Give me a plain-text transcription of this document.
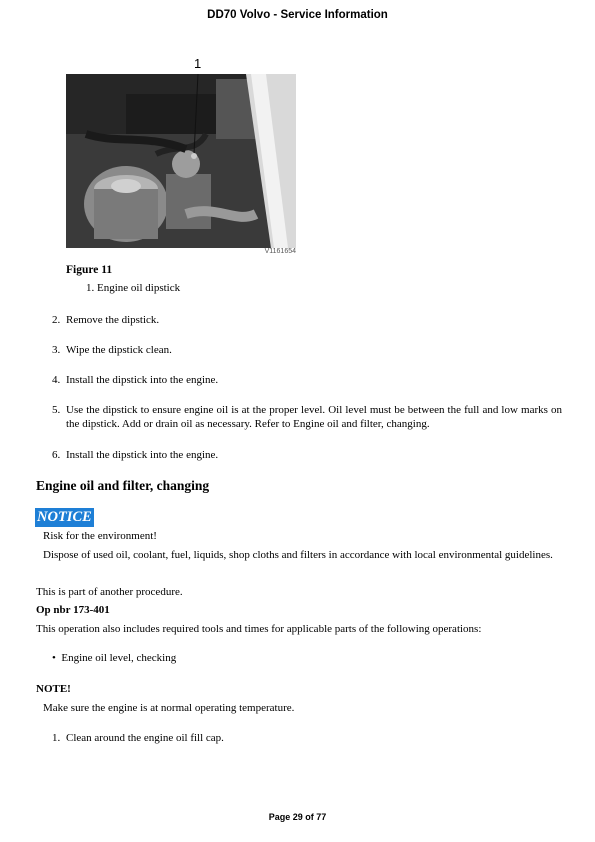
DD70 Volvo - Service Information
1
V1161654
Figure 11
1. Engine oil dipstick
2. Remove the dipstick.
3. Wipe the dipstick clean.
4. Install the dipstick into the engine.
5. Use the dipstick to ensure engine oil is at the proper level. Oil level must be between the full and low marks on the dipstick. Add or drain oil as necessary. Refer to Engine oil and filter, changing.
6. Install the dipstick into the engine.
Engine oil and filter, changing
NOTICE
Risk for the environment!
Dispose of used oil, coolant, fuel, liquids, shop cloths and filters in accordance with local environmental guidelines.
This is part of another procedure.
Op nbr 173-401
This operation also includes required tools and times for applicable parts of the following operations:
•  Engine oil level, checking
NOTE!
Make sure the engine is at normal operating temperature.
1. Clean around the engine oil fill cap.
Page 29 of 77
